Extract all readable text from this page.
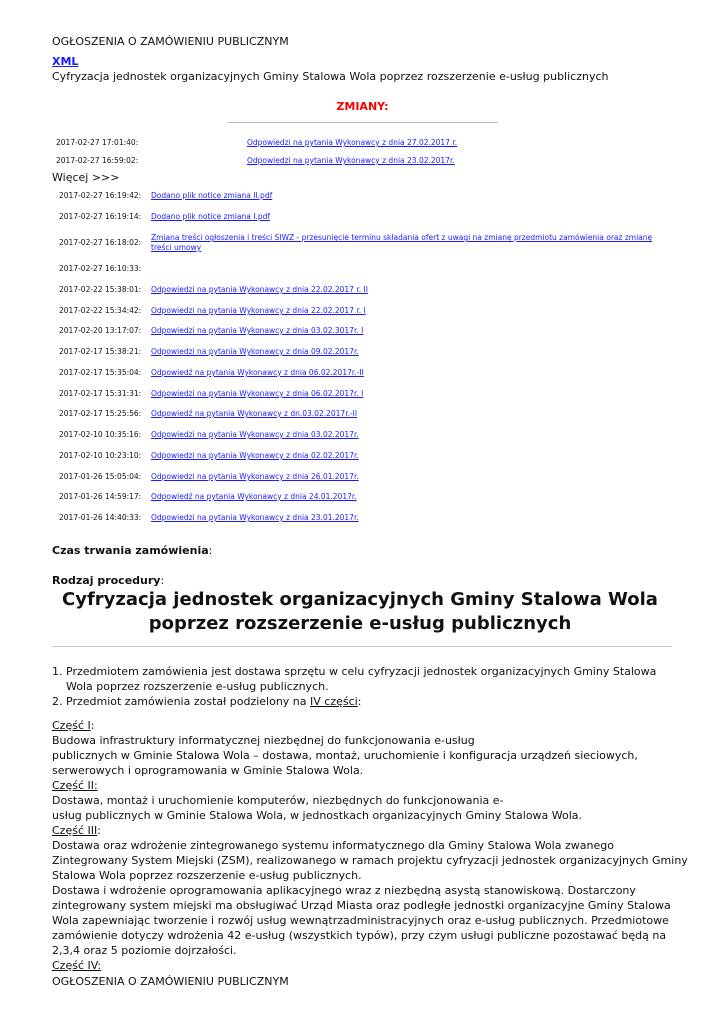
OGŁOSZENIA O ZAMÓWIENIU PUBLICZNYM
XML
Cyfryzacja jednostek organizacyjnych Gminy Stalowa Wola poprzez rozszerzenie e-usług publicznych
ZMIANY:
2017-02-27 17:01:40:	Odpowiedzi na pytania Wykonawcy z dnia 27.02.2017 r.
2017-02-27 16:59:02:	Odpowiedzi na pytania Wykonawcy z dnia 23.02.2017r.
Więcej >>>
2017-02-27 16:19:42: Dodano plik notice zmiana II.pdf
2017-02-27 16:19:14: Dodano plik notice zmiana I.pdf
2017-02-27 16:18:02:
Zmiana treści ogłoszenia i treści SIWZ - przesunięcie terminu składania ofert z uwagi na zmianę przedmiotu zamówienia oraz zmianę treści umowy
2017-02-27 16:10:33:
2017-02-22 15:38:01: Odpowiedzi na pytania Wykonawcy z dnia 22.02.2017 r. II
2017-02-22 15:34:42: Odpowiedzi na pytania Wykonawcy z dnia 22.02.2017 r. I
2017-02-20 13:17:07: Odpowiedzi na pytania Wykonawcy z dnia 03.02.3017r. I
2017-02-17 15:38:21: Odpowiedzi na pytania Wykonawcy z dnia 09.02.2017r.
2017-02-17 15:35:04: Odpowiedź na pytania Wykonawcy z dnia 06.02.2017r.-II
2017-02-17 15:31:31: Odpowiedzi na pytania Wykonawcy z dnia 06.02.2017r. I
2017-02-17 15:25:56: Odpowiedź na pytania Wykonawcy z dn.03.02.2017r.-II
2017-02-10 10:35:16: Odpowiedzi na pytania Wykonawcy z dnia 03.02.2017r.
2017-02-10 10:23:10: Odpowiedzi na pytania Wykonawcy z dnia 02.02.2017r.
2017-01-26 15:05:04: Odpowiedzi na pytania Wykonawcy z dnia 26.01.2017r.
2017-01-26 14:59:17: Odpowiedź na pytania Wykonawcy z dnia 24.01.2017r.
2017-01-26 14:40:33: Odpowiedzi na pytania Wykonawcy z dnia 23.01.2017r.
Czas trwania zamówienia:
Rodzaj procedury:
Cyfryzacja jednostek organizacyjnych Gminy Stalowa Wola poprzez rozszerzenie e-usług publicznych
1. Przedmiotem zamówienia jest dostawa sprzętu w celu cyfryzacji jednostek organizacyjnych Gminy Stalowa Wola poprzez rozszerzenie e-usług publicznych.
2. Przedmiot zamówienia został podzielony na IV części:
Część I:
Budowa infrastruktury informatycznej niezbędnej do funkcjonowania e-usług
publicznych w Gminie Stalowa Wola – dostawa, montaż, uruchomienie i konfiguracja urządzeń sieciowych, serwerowych i oprogramowania w Gminie Stalowa Wola.
Część II:
Dostawa, montaż i uruchomienie komputerów, niezbędnych do funkcjonowania e-
usług publicznych w Gminie Stalowa Wola, w jednostkach organizacyjnych Gminy Stalowa Wola.
Część III:
Dostawa oraz wdrożenie zintegrowanego systemu informatycznego dla Gminy Stalowa Wola zwanego Zintegrowany System Miejski (ZSM), realizowanego w ramach projektu cyfryzacji jednostek organizacyjnych Gminy Stalowa Wola poprzez rozszerzenie e-usług publicznych.
Dostawa i wdrożenie oprogramowania aplikacyjnego wraz z niezbędną asystą stanowiskową. Dostarczony zintegrowany system miejski ma obsługiwać Urząd Miasta oraz podległe jednostki organizacyjne Gminy Stalowa Wola zapewniając tworzenie i rozwój usług wewnątrzadministracyjnych oraz e-usług publicznych. Przedmiotowe zamówienie dotyczy wdrożenia 42 e-usług (wszystkich typów), przy czym usługi publiczne pozostawać będą na 2,3,4 oraz 5 poziomie dojrzałości.
Część IV:
OGŁOSZENIA O ZAMÓWIENIU PUBLICZNYM
